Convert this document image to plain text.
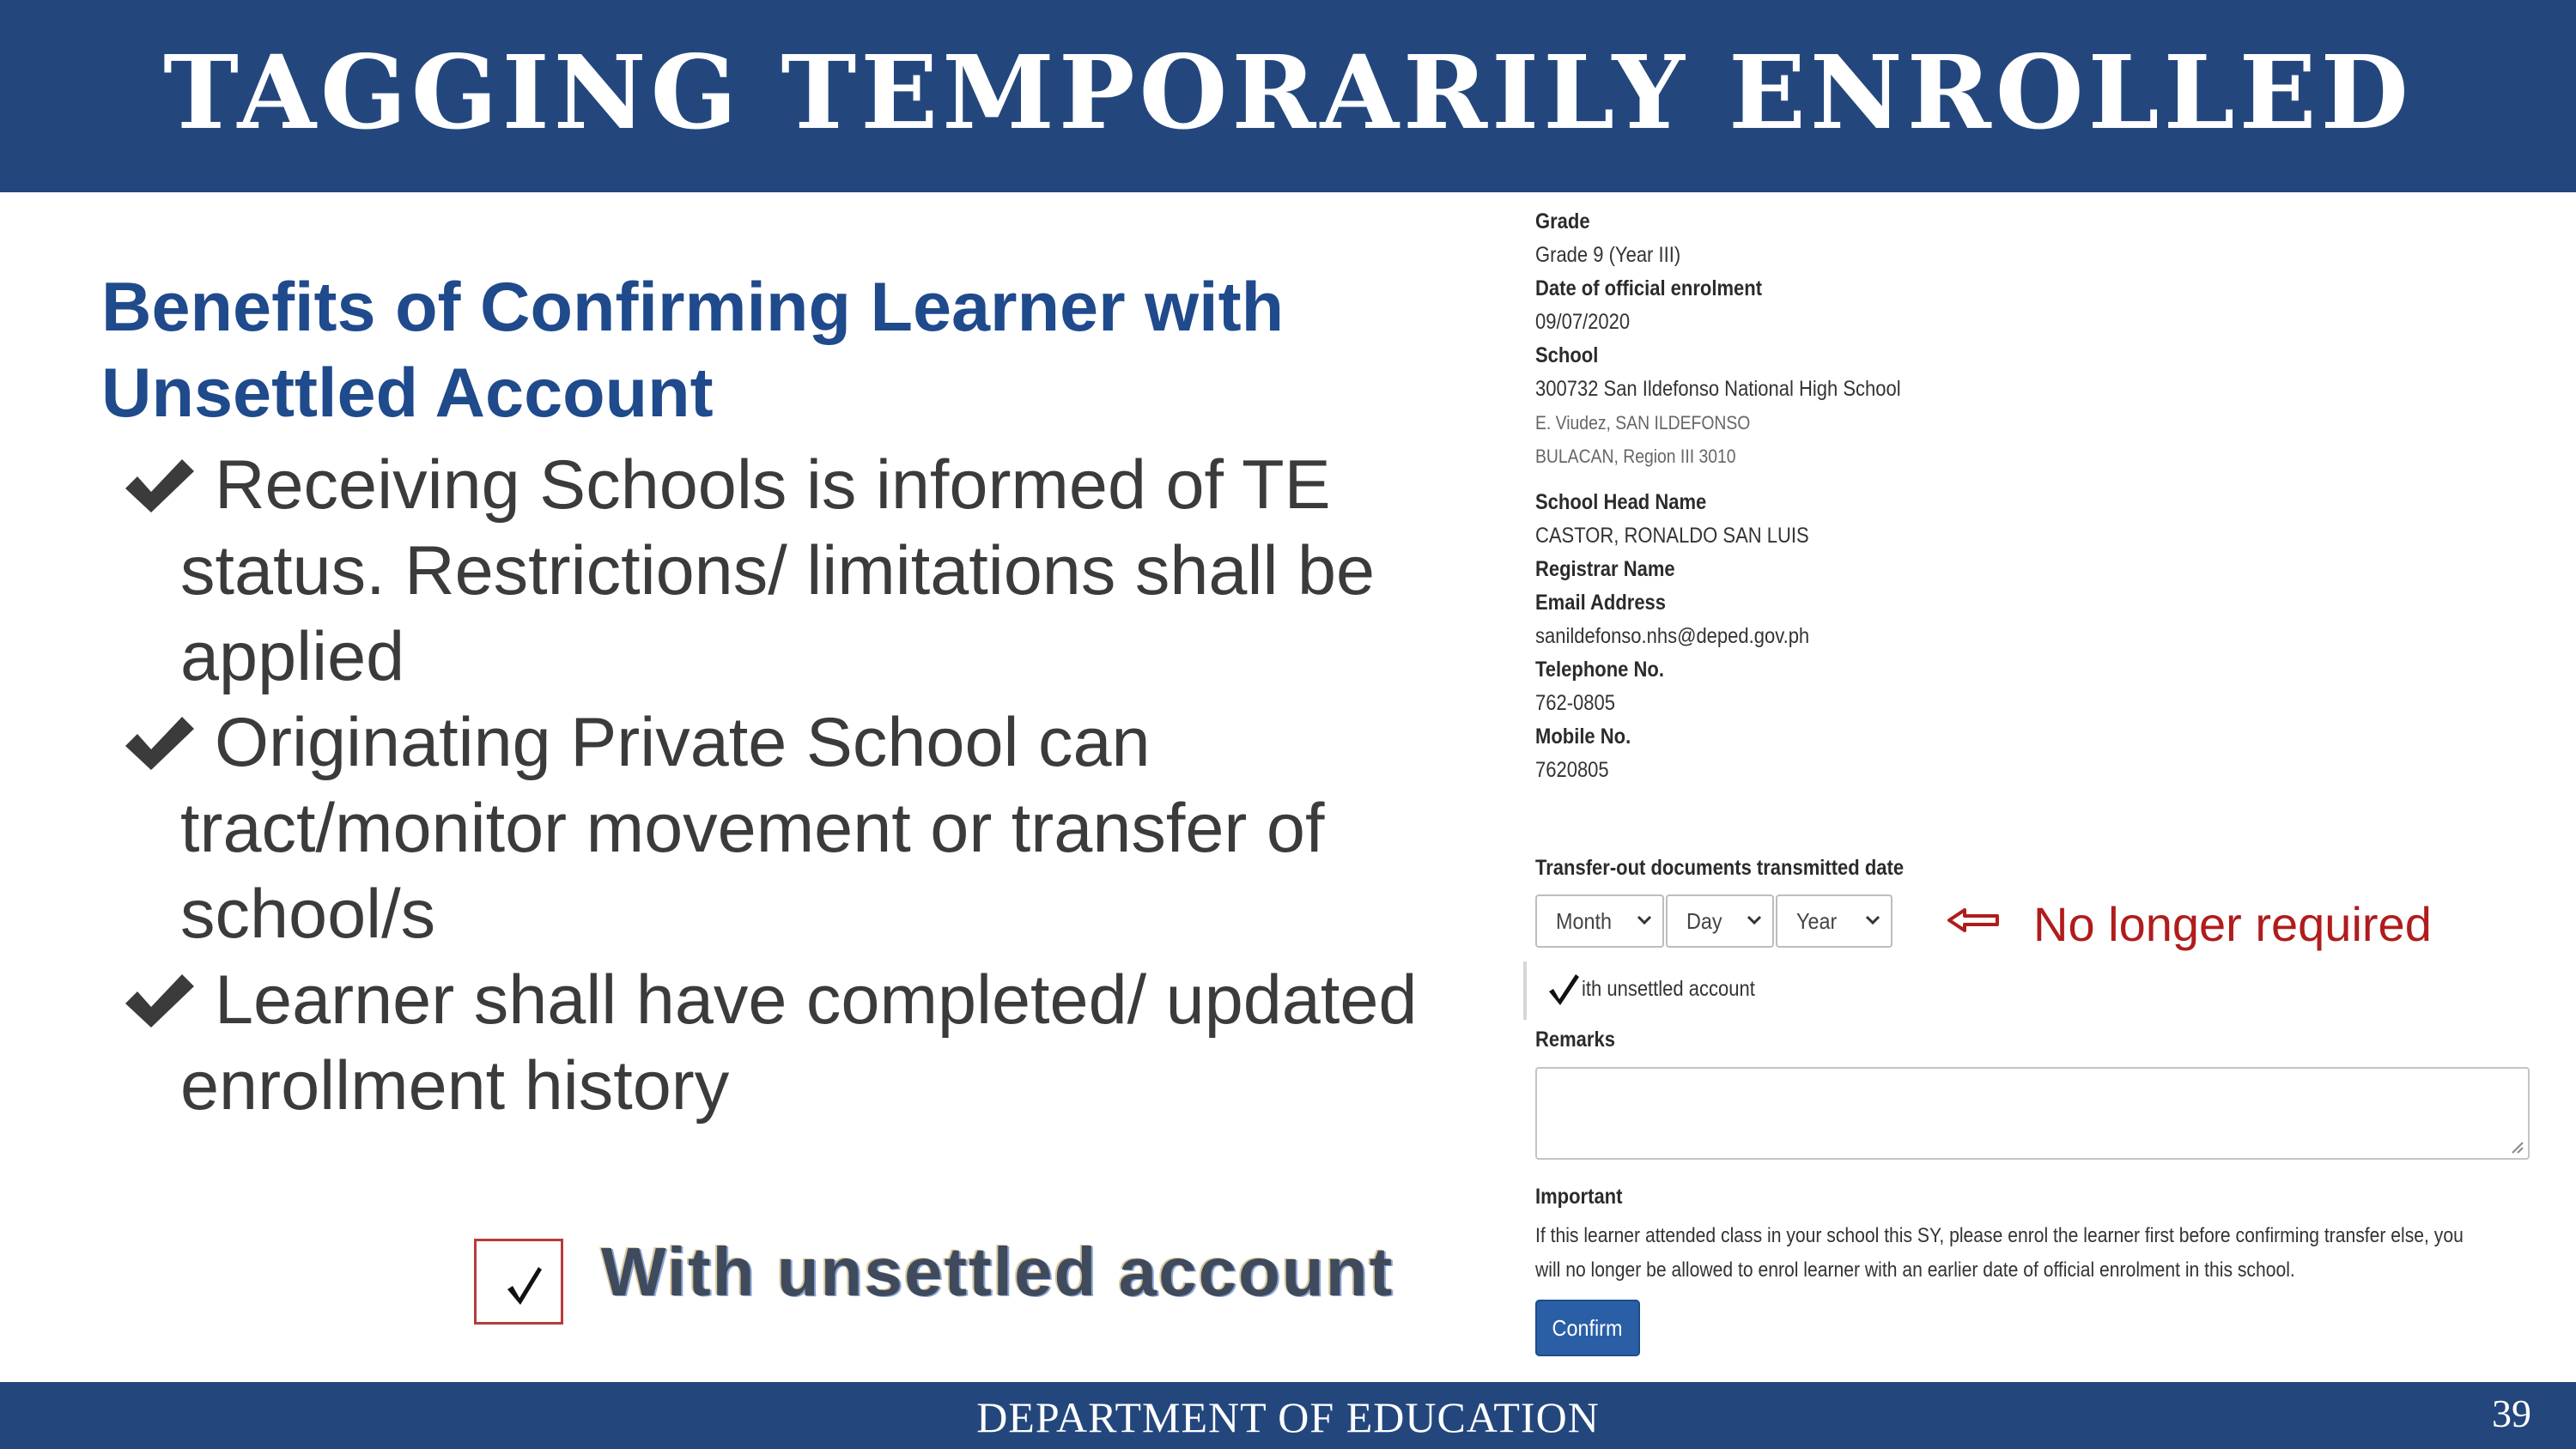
TAGGING TEMPORARILY ENROLLED
Benefits of Confirming Learner with
Unsettled Account
Receiving Schools is informed of TE
status. Restrictions/ limitations shall be
applied
Originating Private School can
tract/monitor movement or transfer of
school/s
Learner shall have completed/ updated
enrollment history
With unsettled account
Grade
Grade 9 (Year III)
Date of official enrolment
09/07/2020
School
300732 San Ildefonso National High School
E. Viudez, SAN ILDEFONSO
BULACAN, Region III 3010
School Head Name
CASTOR, RONALDO SAN LUIS
Registrar Name
Email Address
sanildefonso.nhs@deped.gov.ph
Telephone No.
762-0805
Mobile No.
7620805
Transfer-out documents transmitted date
Month	Day	Year	No longer required
ith unsettled account
Remarks
Important
If this learner attended class in your school this SY, please enrol the learner first before confirming transfer else, you
will no longer be allowed to enrol learner with an earlier date of official enrolment in this school.
Confirm
DEPARTMENT OF EDUCATION	39
